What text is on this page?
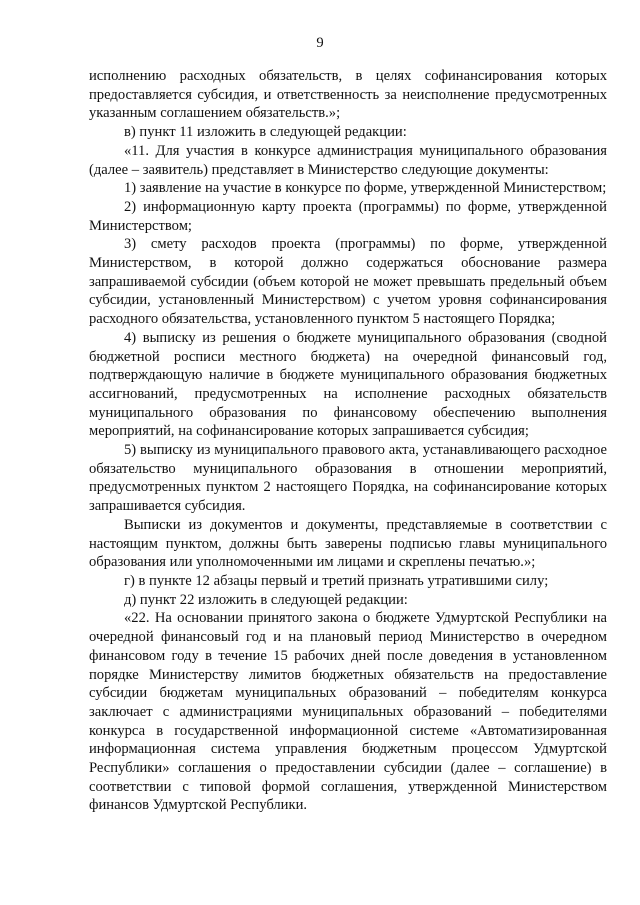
9

исполнению расходных обязательств, в целях софинансирования которых предоставляется субсидия, и ответственность за неисполнение предусмотренных указанным соглашением обязательств.»;

в) пункт 11 изложить в следующей редакции:

«11. Для участия в конкурсе администрация муниципального образования (далее – заявитель) представляет в Министерство следующие документы:

1) заявление на участие в конкурсе по форме, утвержденной Министерством;

2) информационную карту проекта (программы) по форме, утвержденной Министерством;

3) смету расходов проекта (программы) по форме, утвержденной Министерством, в которой должно содержаться обоснование размера запрашиваемой субсидии (объем которой не может превышать предельный объем субсидии, установленный Министерством) с учетом уровня софинансирования расходного обязательства, установленного пунктом 5 настоящего Порядка;

4) выписку из решения о бюджете муниципального образования (сводной бюджетной росписи местного бюджета) на очередной финансовый год, подтверждающую наличие в бюджете муниципального образования бюджетных ассигнований, предусмотренных на исполнение расходных обязательств муниципального образования по финансовому обеспечению выполнения мероприятий, на софинансирование которых запрашивается субсидия;

5) выписку из муниципального правового акта, устанавливающего расходное обязательство муниципального образования в отношении мероприятий, предусмотренных пунктом 2 настоящего Порядка, на софинансирование которых запрашивается субсидия.

Выписки из документов и документы, представляемые в соответствии с настоящим пунктом, должны быть заверены подписью главы муниципального образования или уполномоченными им лицами и скреплены печатью.»;

г) в пункте 12 абзацы первый и третий признать утратившими силу;

д) пункт 22 изложить в следующей редакции:

«22. На основании принятого закона о бюджете Удмуртской Республики на очередной финансовый год и на плановый период Министерство в очередном финансовом году в течение 15 рабочих дней после доведения в установленном порядке Министерству лимитов бюджетных обязательств на предоставление субсидии бюджетам муниципальных образований – победителям конкурса заключает с администрациями муниципальных образований – победителями конкурса в государственной информационной системе «Автоматизированная информационная система управления бюджетным процессом Удмуртской Республики» соглашения о предоставлении субсидии (далее – соглашение) в соответствии с типовой формой соглашения, утвержденной Министерством финансов Удмуртской Республики.
